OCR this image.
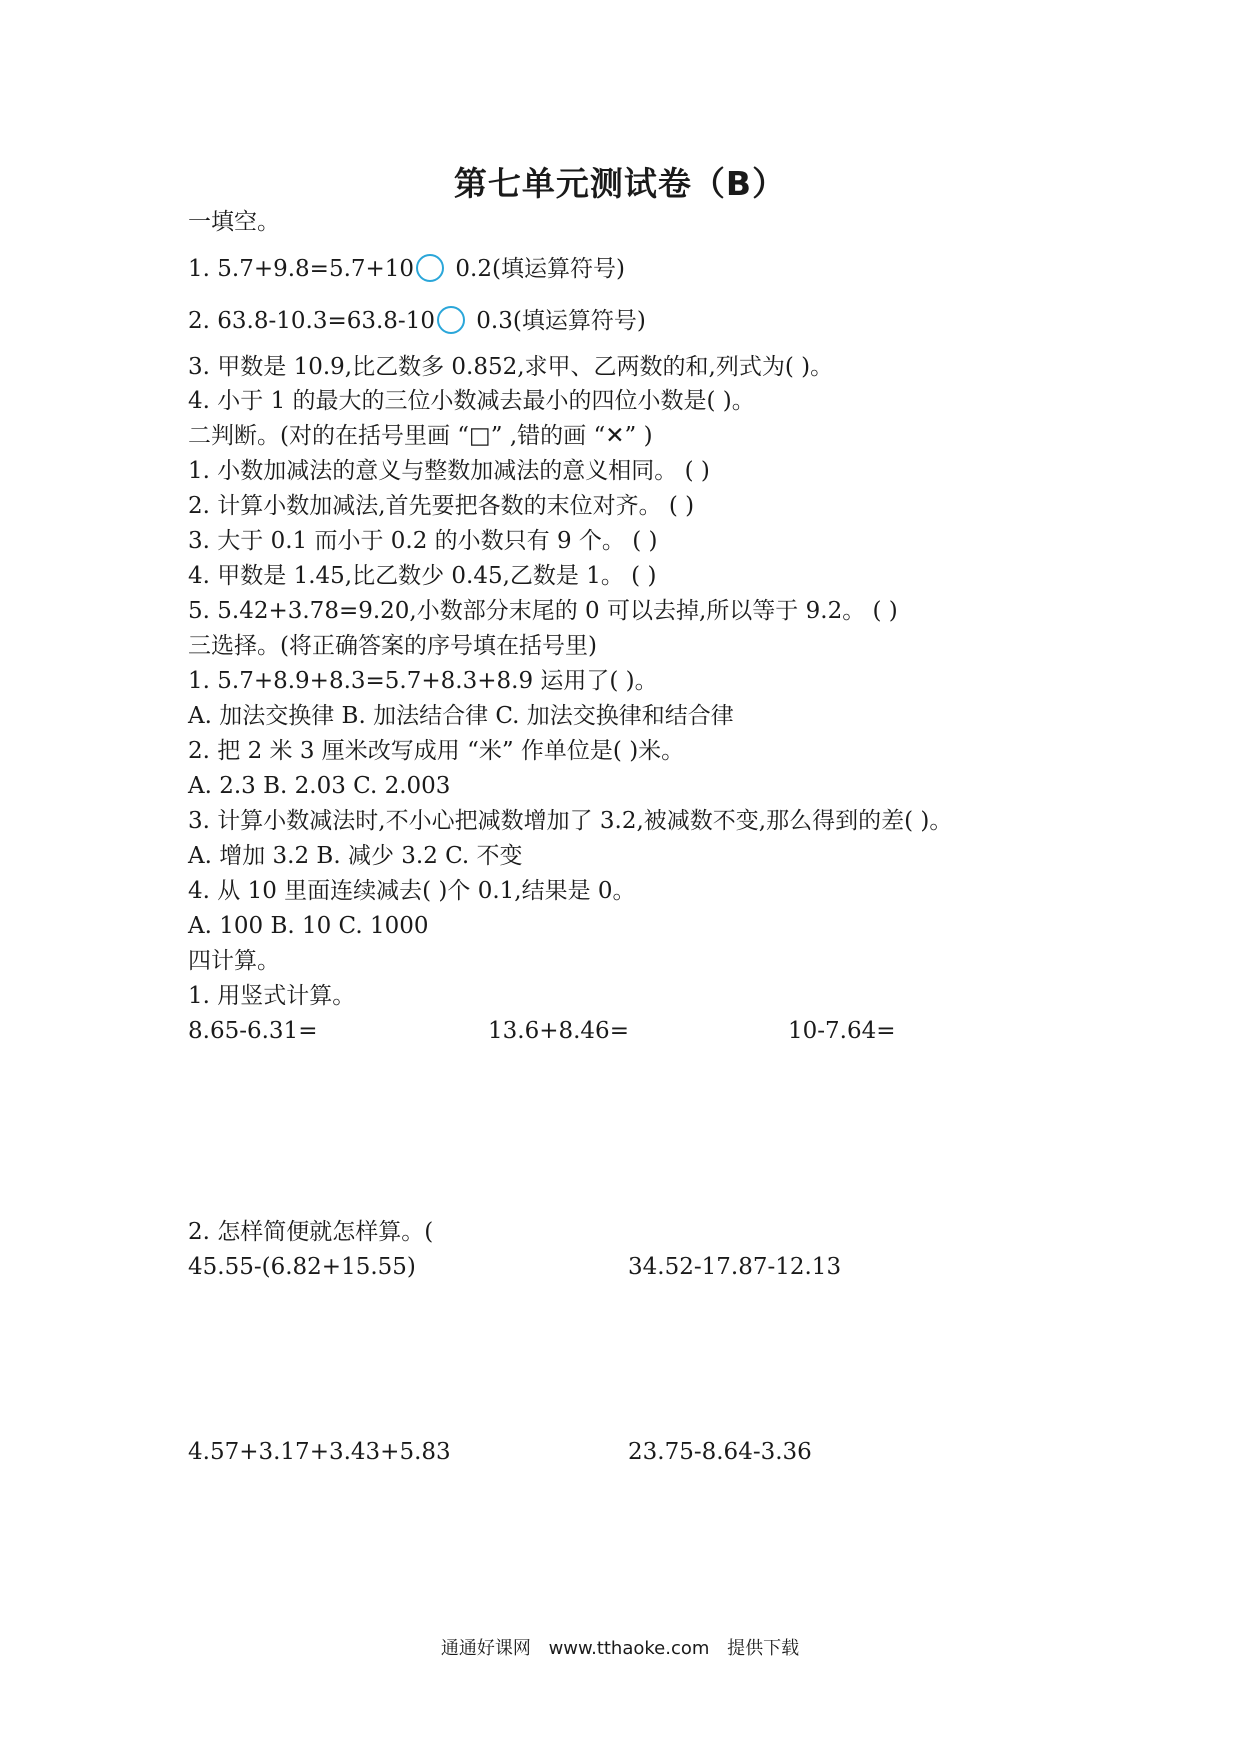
第七单元测试卷（B）
一填空。
1. 5.7+9.8=5.7+10 0.2(填运算符号)
2. 63.8-10.3=63.8-10 0.3(填运算符号)
3. 甲数是 10.9,比乙数多 0.852,求甲、乙两数的和,列式为( )。
4. 小于 1 的最大的三位小数减去最小的四位小数是( )。
二判断。(对的在括号里画 “□” ,错的画 “✕” )
1. 小数加减法的意义与整数加减法的意义相同。 ( )
2. 计算小数加减法,首先要把各数的末位对齐。 ( )
3. 大于 0.1 而小于 0.2 的小数只有 9 个。 ( )
4. 甲数是 1.45,比乙数少 0.45,乙数是 1。 ( )
5. 5.42+3.78=9.20,小数部分末尾的 0 可以去掉,所以等于 9.2。 ( )
三选择。(将正确答案的序号填在括号里)
1. 5.7+8.9+8.3=5.7+8.3+8.9 运用了( )。
A. 加法交换律 B. 加法结合律 C. 加法交换律和结合律
2. 把 2 米 3 厘米改写成用 “米” 作单位是( )米。
A. 2.3 B. 2.03 C. 2.003
3. 计算小数减法时,不小心把减数增加了 3.2,被减数不变,那么得到的差( )。
A. 增加 3.2 B. 减少 3.2 C. 不变
4. 从 10 里面连续减去( )个 0.1,结果是 0。
A. 100 B. 10 C. 1000
四计算。
1. 用竖式计算。
8.65-6.31=	13.6+8.46=	10-7.64=
2. 怎样简便就怎样算。(
45.55-(6.82+15.55)	34.52-17.87-12.13
4.57+3.17+3.43+5.83	23.75-8.64-3.36
通通好课网 www.tthaoke.com 提供下载
